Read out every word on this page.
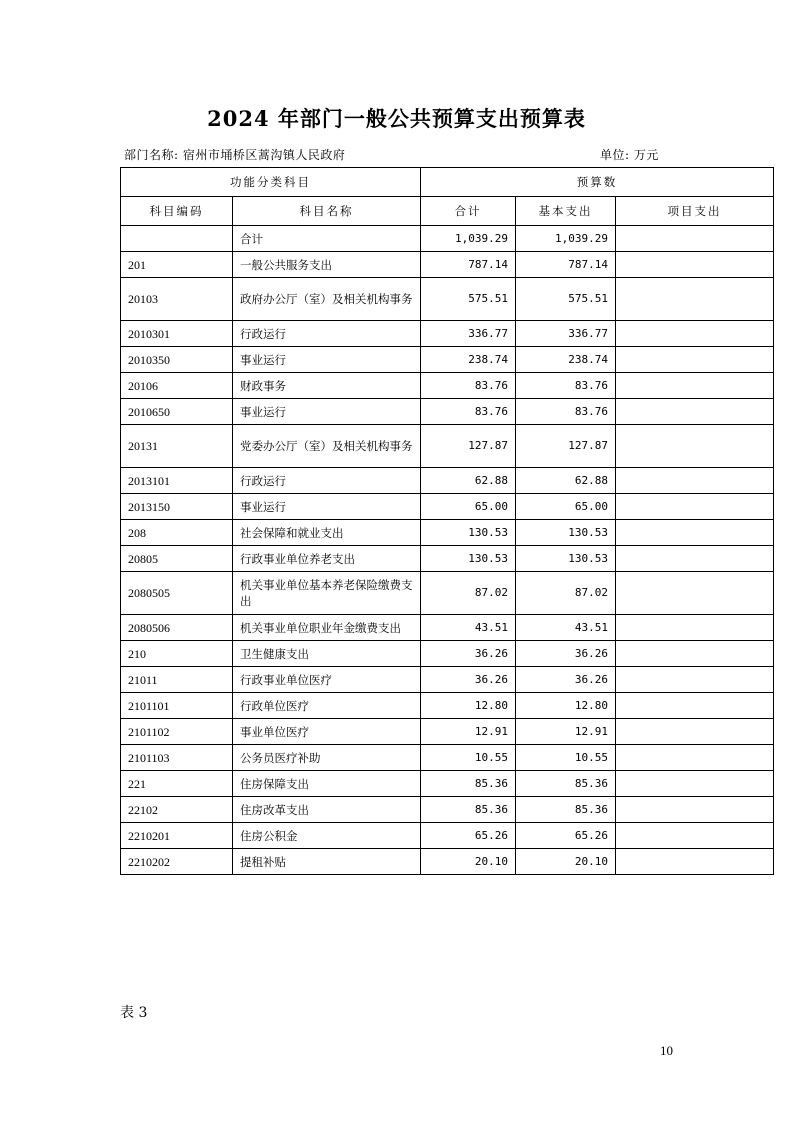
2024 年部门一般公共预算支出预算表
部门名称: 宿州市埇桥区蒿沟镇人民政府	单位: 万元
功能分类科目		预算数		
科目编码	科目名称	合计	基本支出	项目支出
	合计	1,039.29	1,039.29	
201	一般公共服务支出	787.14	787.14	
20103	政府办公厅（室）及相关机构事务	575.51	575.51	
2010301	行政运行	336.77	336.77	
2010350	事业运行	238.74	238.74	
20106	财政事务	83.76	83.76	
2010650	事业运行	83.76	83.76	
20131	党委办公厅（室）及相关机构事务	127.87	127.87	
2013101	行政运行	62.88	62.88	
2013150	事业运行	65.00	65.00	
208	社会保障和就业支出	130.53	130.53	
20805	行政事业单位养老支出	130.53	130.53	
2080505	机关事业单位基本养老保险缴费支出	87.02	87.02	
2080506	机关事业单位职业年金缴费支出	43.51	43.51	
210	卫生健康支出	36.26	36.26	
21011	行政事业单位医疗	36.26	36.26	
2101101	行政单位医疗	12.80	12.80	
2101102	事业单位医疗	12.91	12.91	
2101103	公务员医疗补助	10.55	10.55	
221	住房保障支出	85.36	85.36	
22102	住房改革支出	85.36	85.36	
2210201	住房公积金	65.26	65.26	
2210202	提租补贴	20.10	20.10	
表 3
10
